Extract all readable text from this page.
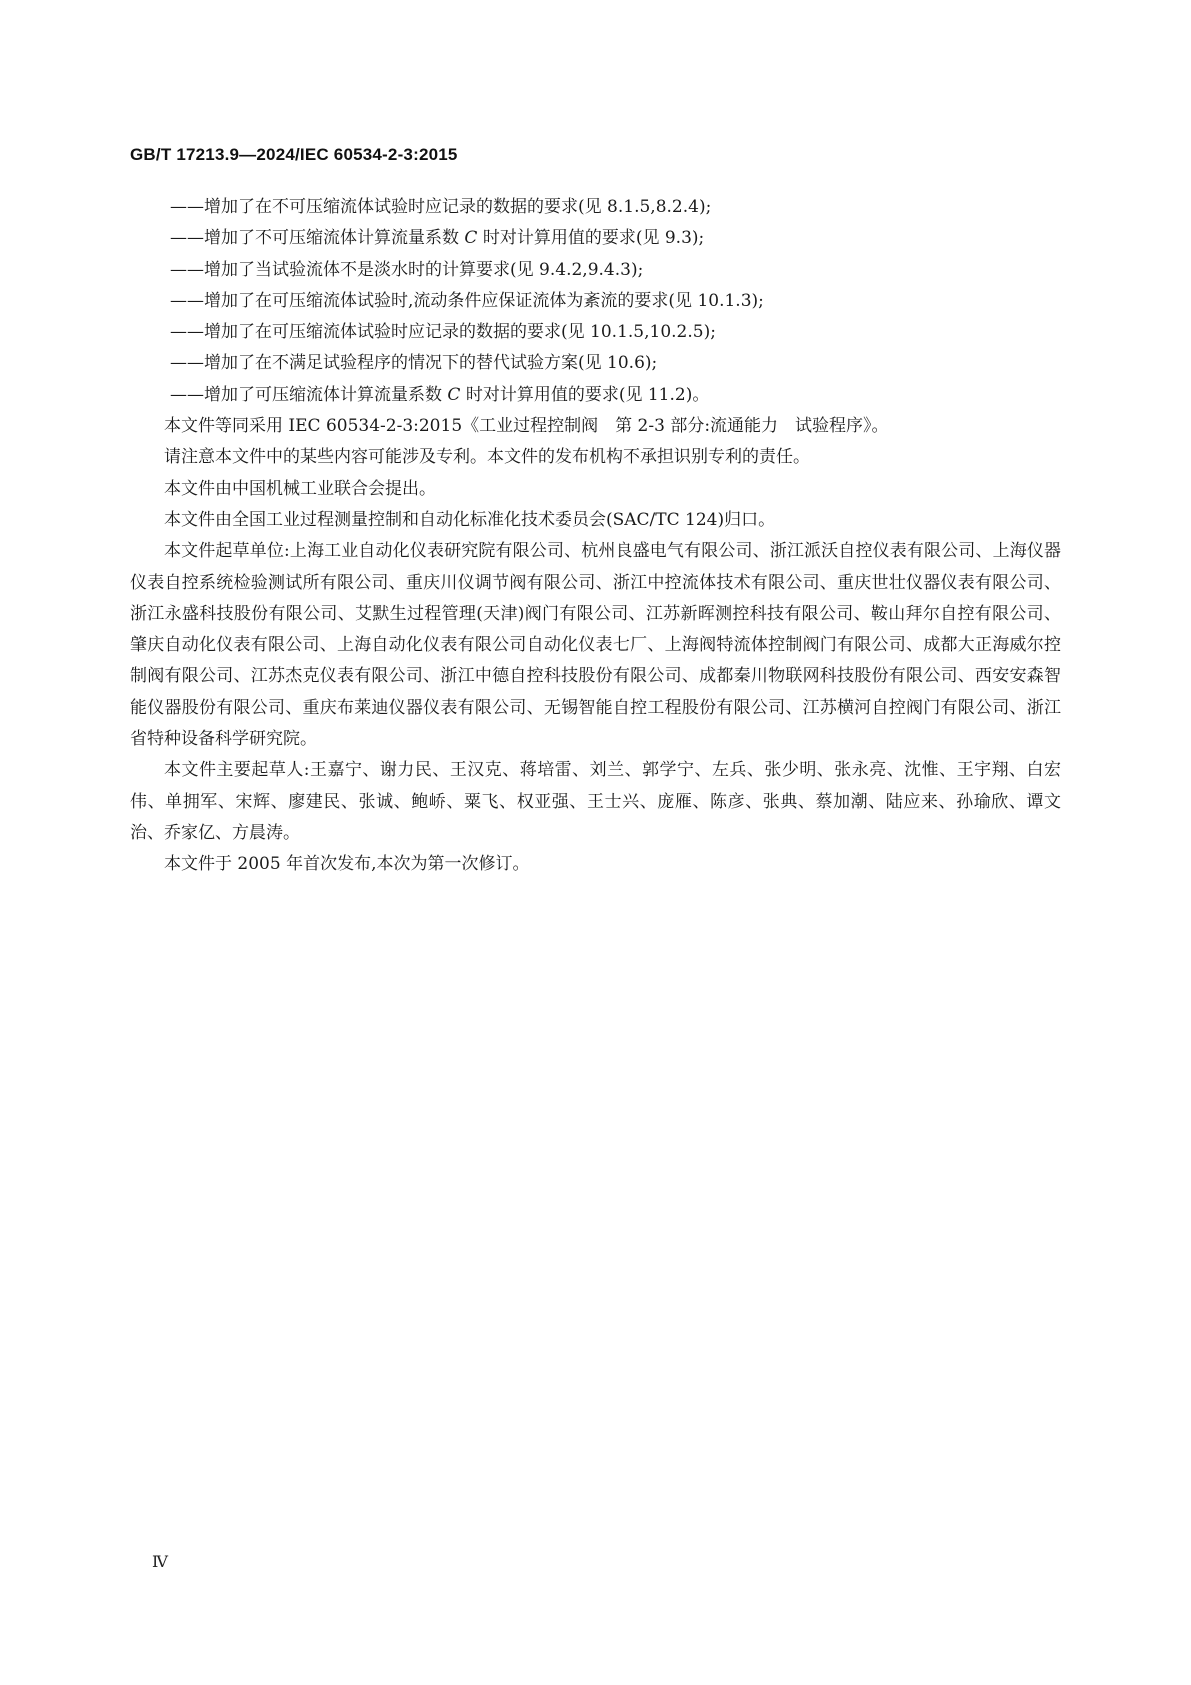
GB/T 17213.9—2024/IEC 60534-2-3:2015

——增加了在不可压缩流体试验时应记录的数据的要求(见 8.1.5,8.2.4);

——增加了不可压缩流体计算流量系数 C 时对计算用值的要求(见 9.3);

——增加了当试验流体不是淡水时的计算要求(见 9.4.2,9.4.3);

——增加了在可压缩流体试验时,流动条件应保证流体为紊流的要求(见 10.1.3);

——增加了在可压缩流体试验时应记录的数据的要求(见 10.1.5,10.2.5);

——增加了在不满足试验程序的情况下的替代试验方案(见 10.6);

——增加了可压缩流体计算流量系数 C 时对计算用值的要求(见 11.2)。

本文件等同采用 IEC 60534-2-3:2015《工业过程控制阀　第 2-3 部分:流通能力　试验程序》。

请注意本文件中的某些内容可能涉及专利。本文件的发布机构不承担识别专利的责任。

本文件由中国机械工业联合会提出。

本文件由全国工业过程测量控制和自动化标准化技术委员会(SAC/TC 124)归口。

本文件起草单位:上海工业自动化仪表研究院有限公司、杭州良盛电气有限公司、浙江派沃自控仪表有限公司、上海仪器仪表自控系统检验测试所有限公司、重庆川仪调节阀有限公司、浙江中控流体技术有限公司、重庆世壮仪器仪表有限公司、浙江永盛科技股份有限公司、艾默生过程管理(天津)阀门有限公司、江苏新晖测控科技有限公司、鞍山拜尔自控有限公司、肇庆自动化仪表有限公司、上海自动化仪表有限公司自动化仪表七厂、上海阀特流体控制阀门有限公司、成都大正海威尔控制阀有限公司、江苏杰克仪表有限公司、浙江中德自控科技股份有限公司、成都秦川物联网科技股份有限公司、西安安森智能仪器股份有限公司、重庆布莱迪仪器仪表有限公司、无锡智能自控工程股份有限公司、江苏横河自控阀门有限公司、浙江省特种设备科学研究院。

本文件主要起草人:王嘉宁、谢力民、王汉克、蒋培雷、刘兰、郭学宁、左兵、张少明、张永亮、沈惟、王宇翔、白宏伟、单拥军、宋辉、廖建民、张诚、鲍峤、粟飞、权亚强、王士兴、庞雁、陈彦、张典、蔡加潮、陆应来、孙瑜欣、谭文治、乔家亿、方晨涛。

本文件于 2005 年首次发布,本次为第一次修订。

Ⅳ
